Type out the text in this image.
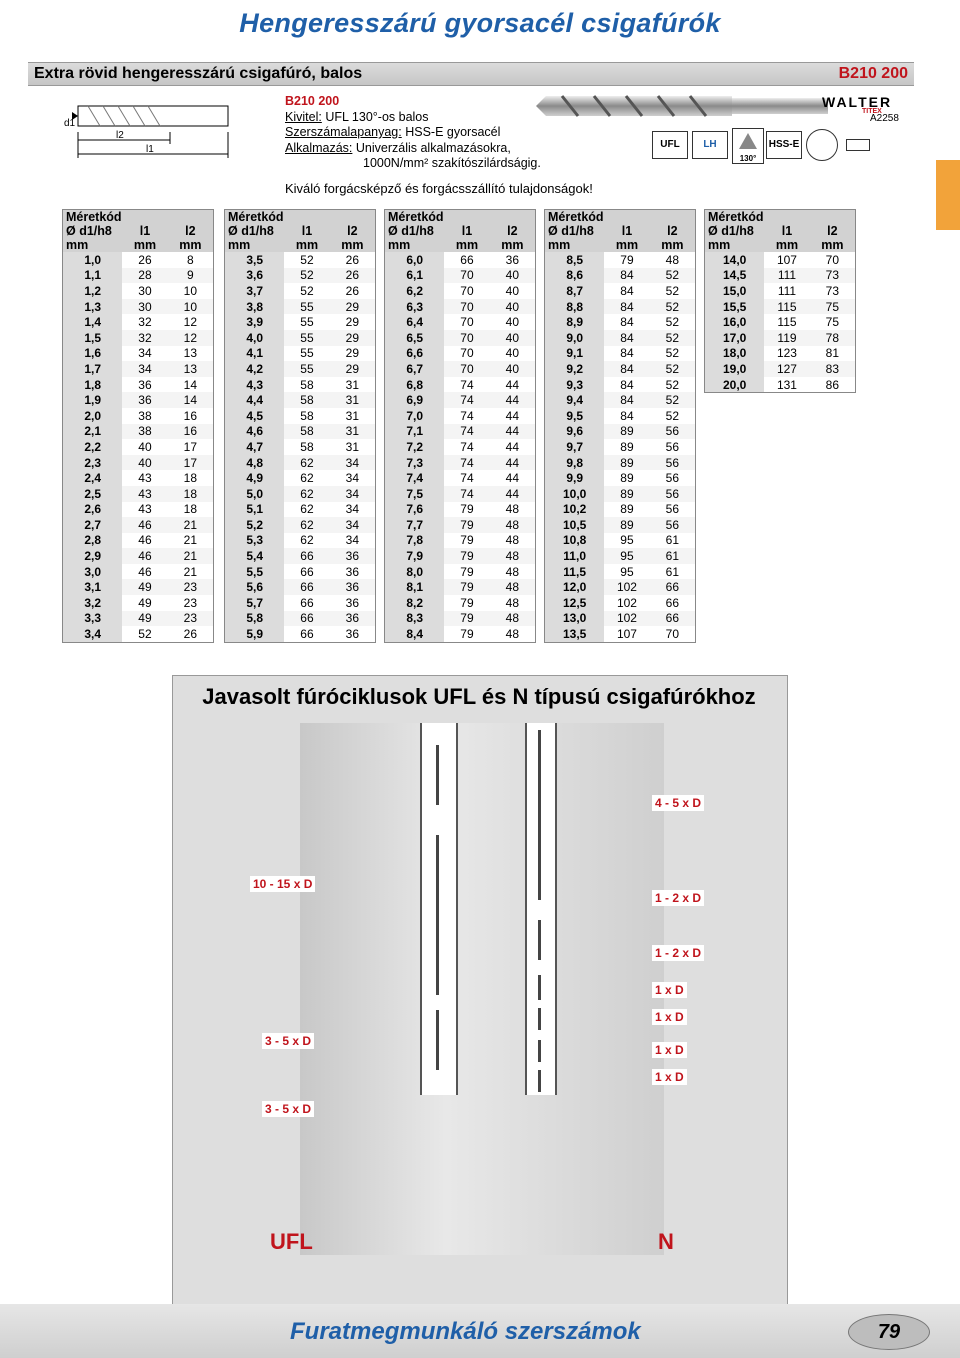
Hengeresszárú gyorsacél csigafúrók
Extra rövid hengeresszárú csigafúró, balos	B210 200
d1
l2
l1
B210 200
Kivitel: UFL 130°-os balos
Szerszámalapanyag: HSS-E gyorsacél
Alkalmazás: Univerzális alkalmazásokra,
1000N/mm² szakítószilárdságig.
WALTER
TITEX
A2258
UFL	LH
130°
HSS-E
Kiváló forgácsképző és forgácsszállító tulajdonságok!
Méretkód		
Ø d1/h8	l1	l2
mm	mm	mm
1,0	26	8
1,1	28	9
1,2	30	10
1,3	30	10
1,4	32	12
1,5	32	12
1,6	34	13
1,7	34	13
1,8	36	14
1,9	36	14
2,0	38	16
2,1	38	16
2,2	40	17
2,3	40	17
2,4	43	18
2,5	43	18
2,6	43	18
2,7	46	21
2,8	46	21
2,9	46	21
3,0	46	21
3,1	49	23
3,2	49	23
3,3	49	23
3,4	52	26
Méretkód		
Ø d1/h8	l1	l2
mm	mm	mm
3,5	52	26
3,6	52	26
3,7	52	26
3,8	55	29
3,9	55	29
4,0	55	29
4,1	55	29
4,2	55	29
4,3	58	31
4,4	58	31
4,5	58	31
4,6	58	31
4,7	58	31
4,8	62	34
4,9	62	34
5,0	62	34
5,1	62	34
5,2	62	34
5,3	62	34
5,4	66	36
5,5	66	36
5,6	66	36
5,7	66	36
5,8	66	36
5,9	66	36
Méretkód		
Ø d1/h8	l1	l2
mm	mm	mm
6,0	66	36
6,1	70	40
6,2	70	40
6,3	70	40
6,4	70	40
6,5	70	40
6,6	70	40
6,7	70	40
6,8	74	44
6,9	74	44
7,0	74	44
7,1	74	44
7,2	74	44
7,3	74	44
7,4	74	44
7,5	74	44
7,6	79	48
7,7	79	48
7,8	79	48
7,9	79	48
8,0	79	48
8,1	79	48
8,2	79	48
8,3	79	48
8,4	79	48
Méretkód		
Ø d1/h8	l1	l2
mm	mm	mm
8,5	79	48
8,6	84	52
8,7	84	52
8,8	84	52
8,9	84	52
9,0	84	52
9,1	84	52
9,2	84	52
9,3	84	52
9,4	84	52
9,5	84	52
9,6	89	56
9,7	89	56
9,8	89	56
9,9	89	56
10,0	89	56
10,2	89	56
10,5	89	56
10,8	95	61
11,0	95	61
11,5	95	61
12,0	102	66
12,5	102	66
13,0	102	66
13,5	107	70
Méretkód		
Ø d1/h8	l1	l2
mm	mm	mm
14,0	107	70
14,5	111	73
15,0	111	73
15,5	115	75
16,0	115	75
17,0	119	78
18,0	123	81
19,0	127	83
20,0	131	86
Javasolt fúróciklusok UFL és N típusú csigafúrókhoz
4 - 5 x D
10 - 15 x D
1 - 2 x D
1 - 2 x D
1 x D
1 x D
3 - 5 x D
1 x D
1 x D
3 - 5 x D
UFL	N
Furatmegmunkáló szerszámok	79
